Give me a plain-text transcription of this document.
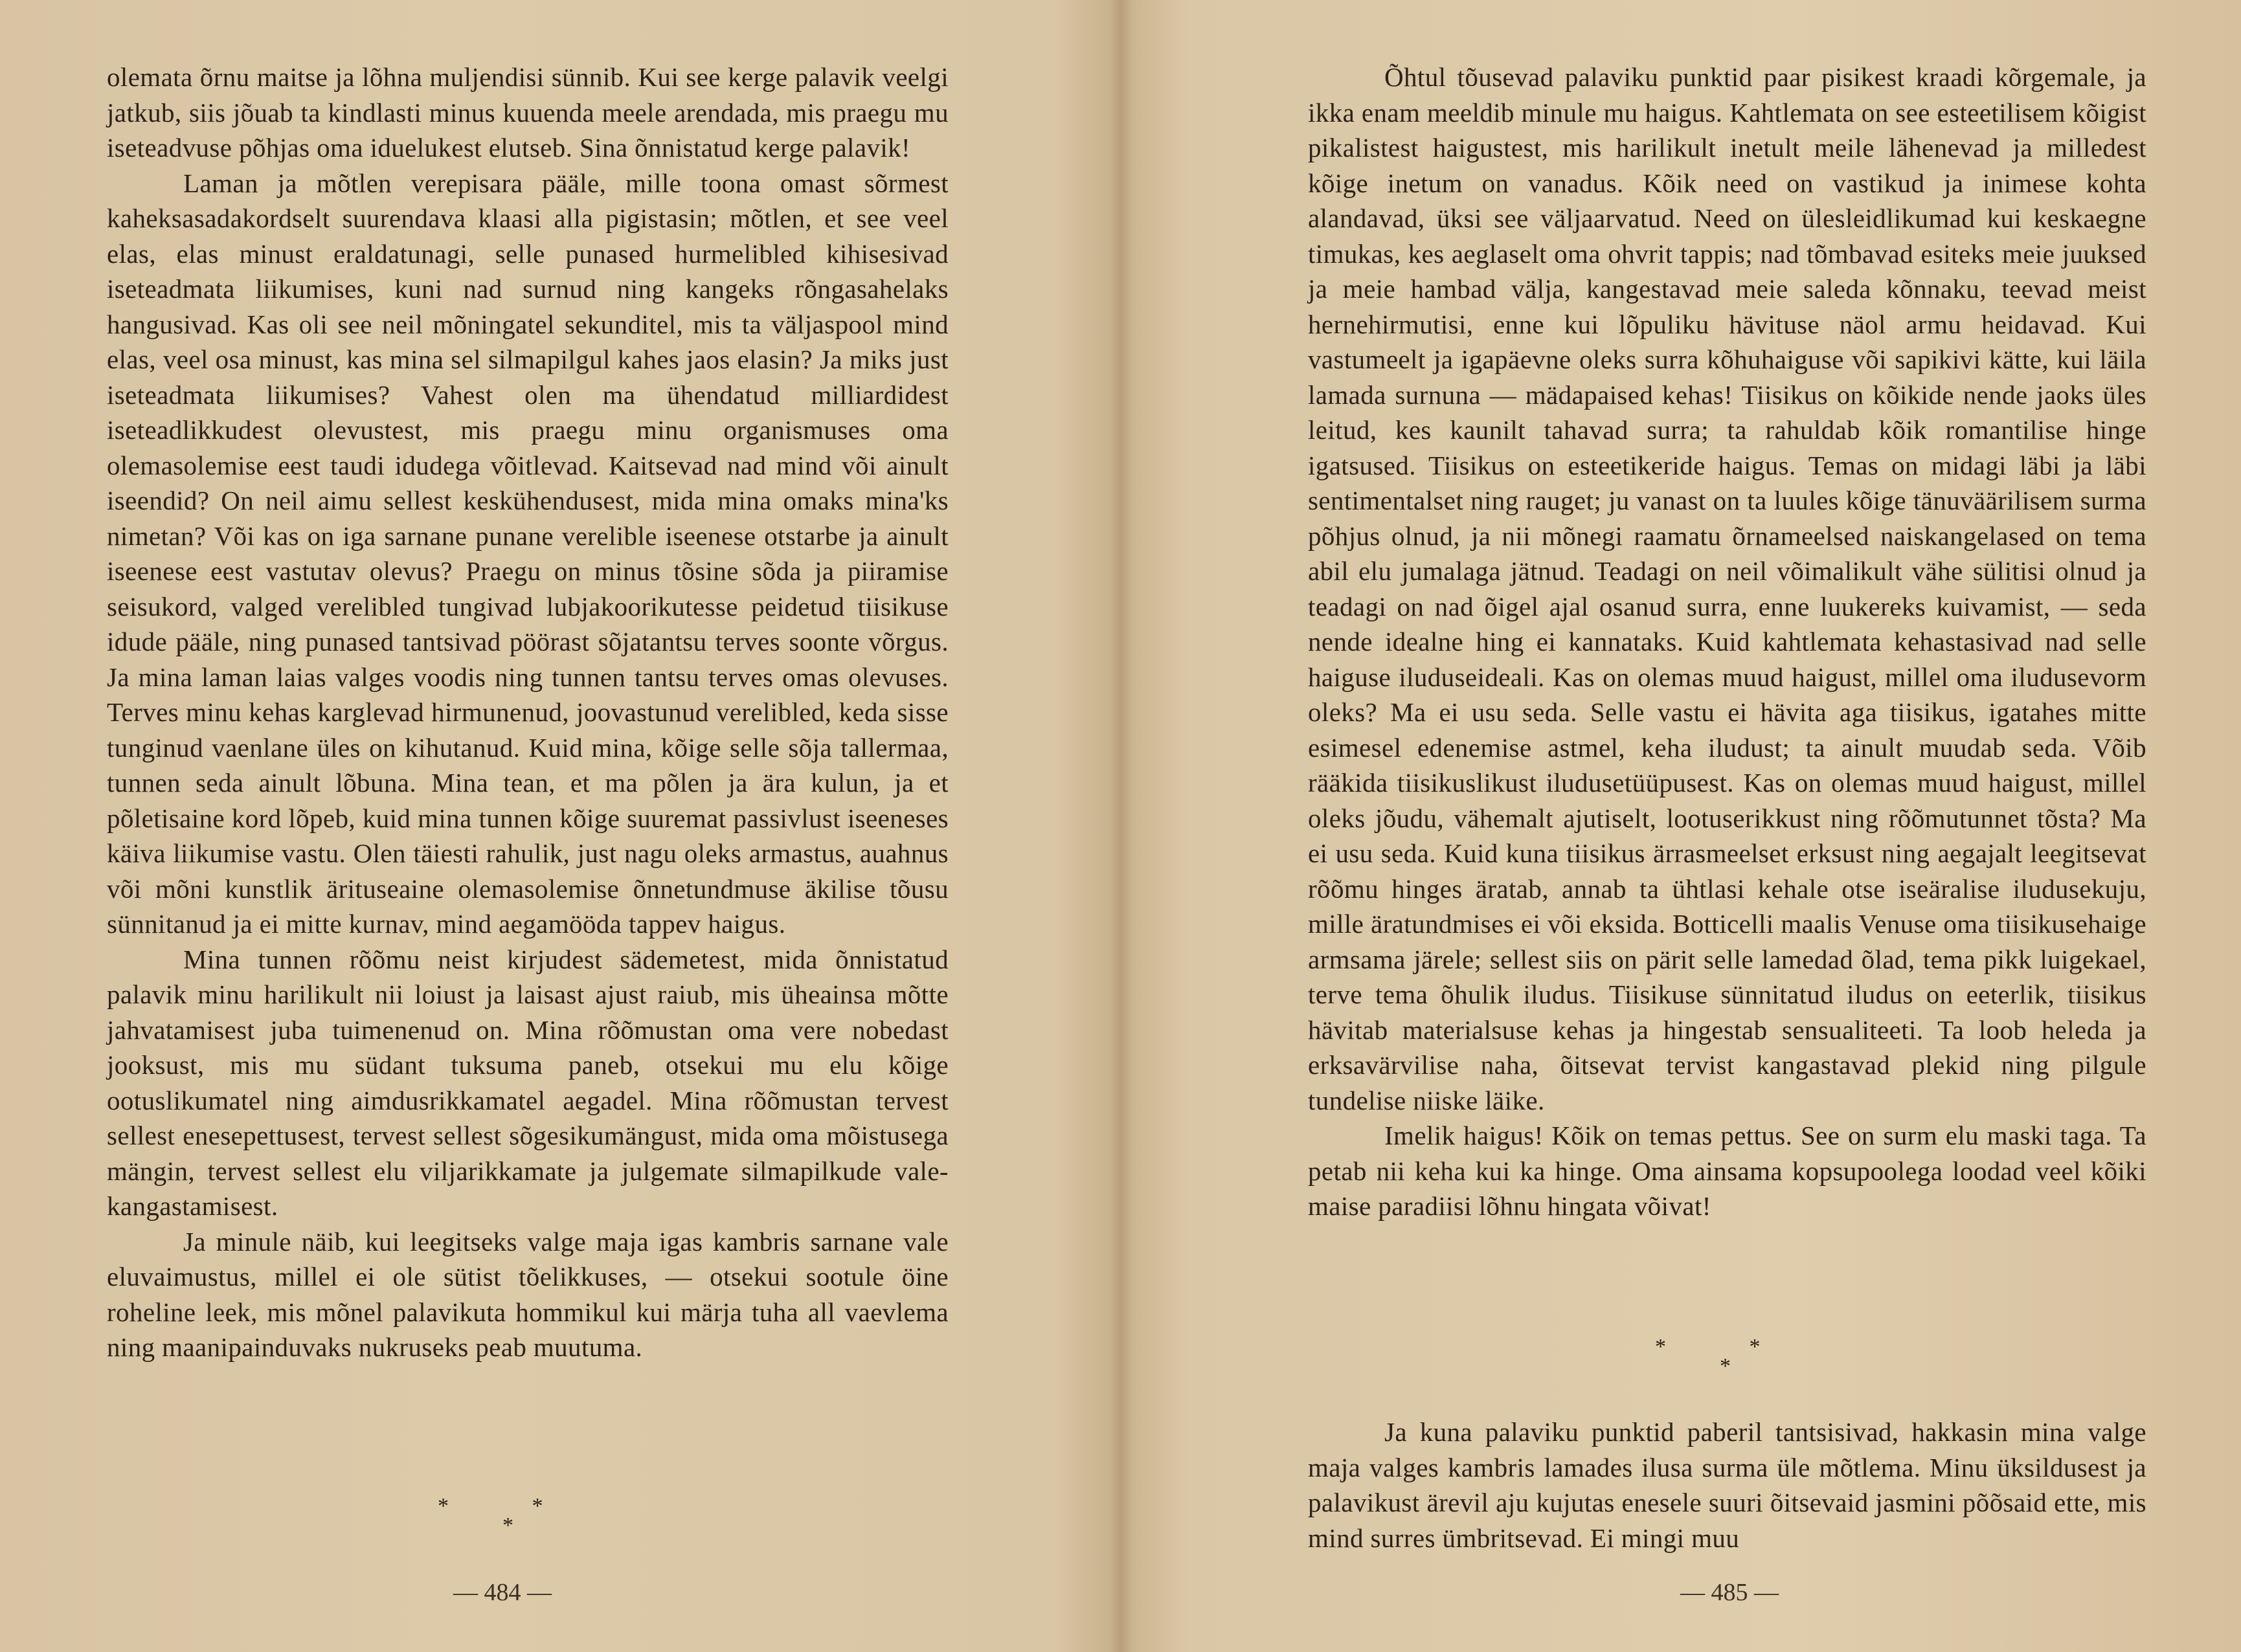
olemata õrnu maitse ja lõhna muljendisi sünnib. Kui see kerge palavik veelgi jatkub, siis jõuab ta kindlasti minus kuuenda meele arendada, mis praegu mu iseteadvuse põhjas oma iduelukest elutseb. Sina õnnistatud kerge palavik!

Laman ja mõtlen verepisara pääle, mille toona omast sõrmest kaheksasadakordselt suurendava klaasi alla pigistasin; mõtlen, et see veel elas, elas minust eraldatunagi, selle punased hurmelibled kihisesivad iseteadmata liikumises, kuni nad surnud ning kangeks rõngasahelaks hangusivad. Kas oli see neil mõningatel sekunditel, mis ta väljaspool mind elas, veel osa minust, kas mina sel silmapilgul kahes jaos elasin? Ja miks just iseteadmata liikumises? Vahest olen ma ühendatud milliardidest iseteadlikkudest olevustest, mis praegu minu organismuses oma olemasolemise eest taudi idudega võitlevad. Kaitsevad nad mind või ainult iseendid? On neil aimu sellest keskühendusest, mida mina omaks mina'ks nimetan? Või kas on iga sarnane punane verelible iseenese otstarbe ja ainult iseenese eest vastutav olevus? Praegu on minus tõsine sõda ja piiramise seisukord, valged verelibled tungivad lubjakoorikutesse peidetud tiisikuse idude pääle, ning punased tantsivad pöörast sõjatantsu terves soonte võrgus. Ja mina laman laias valges voodis ning tunnen tantsu terves omas olevuses. Terves minu kehas karglevad hirmunenud, joovastunud verelibled, keda sisse tunginud vaenlane üles on kihutanud. Kuid mina, kõige selle sõja tallermaa, tunnen seda ainult lõbuna. Mina tean, et ma põlen ja ära kulun, ja et põletisaine kord lõpeb, kuid mina tunnen kõige suuremat passivlust iseeneses käiva liikumise vastu. Olen täiesti rahulik, just nagu oleks armastus, auahnus või mõni kunstlik ärituseaine olemasolemise õnnetundmuse äkilise tõusu sünnitanud ja ei mitte kurnav, mind aegamööda tappev haigus.

Mina tunnen rõõmu neist kirjudest sädemetest, mida õnnistatud palavik minu harilikult nii loiust ja laisast ajust raiub, mis üheainsa mõtte jahvatamisest juba tuimenenud on. Mina rõõmustan oma vere nobedast jooksust, mis mu südant tuksuma paneb, otsekui mu elu kõige ootuslikumatel ning aimdusrikkamatel aegadel. Mina rõõmustan tervest sellest enesepettusest, tervest sellest sõgesikumängust, mida oma mõistusega mängin, tervest sellest elu viljarikkamate ja julgemate silmapilkude vale-kangastamisest.

Ja minule näib, kui leegitseks valge maja igas kambris sarnane vale eluvaimustus, millel ei ole sütist tõelikkuses, — otsekui sootule öine roheline leek, mis mõnel palavikuta hommikul kui märja tuha all vaevlema ning maanipainduvaks nukruseks peab muutuma.

* *
*
— 484 —

Õhtul tõusevad palaviku punktid paar pisikest kraadi kõrgemale, ja ikka enam meeldib minule mu haigus. Kahtlemata on see esteetilisem kõigist pikalistest haigustest, mis harilikult inetult meile lähenevad ja milledest kõige inetum on vanadus. Kõik need on vastikud ja inimese kohta alandavad, üksi see väljaarvatud. Need on ülesleidlikumad kui keskaegne timukas, kes aeglaselt oma ohvrit tappis; nad tõmbavad esiteks meie juuksed ja meie hambad välja, kangestavad meie saleda kõnnaku, teevad meist hernehirmutisi, enne kui lõpuliku hävituse näol armu heidavad. Kui vastumeelt ja igapäevne oleks surra kõhuhaiguse või sapikivi kätte, kui läila lamada surnuna — mädapaised kehas! Tiisikus on kõikide nende jaoks üles leitud, kes kaunilt tahavad surra; ta rahuldab kõik romantilise hinge igatsused. Tiisikus on esteetikeride haigus. Temas on midagi läbi ja läbi sentimentalset ning rauget; ju vanast on ta luules kõige tänuväärilisem surma põhjus olnud, ja nii mõnegi raamatu õrnameelsed naiskangelased on tema abil elu jumalaga jätnud. Teadagi on neil võimalikult vähe sülitisi olnud ja teadagi on nad õigel ajal osanud surra, enne luukereks kuivamist, — seda nende idealne hing ei kannataks. Kuid kahtlemata kehastasivad nad selle haiguse iluduseideali. Kas on olemas muud haigust, millel oma iludusevorm oleks? Ma ei usu seda. Selle vastu ei hävita aga tiisikus, igatahes mitte esimesel edenemise astmel, keha iludust; ta ainult muudab seda. Võib rääkida tiisikuslikust iludusetüüpusest. Kas on olemas muud haigust, millel oleks jõudu, vähemalt ajutiselt, lootuserikkust ning rõõmutunnet tõsta? Ma ei usu seda. Kuid kuna tiisikus ärrasmeelset erksust ning aegajalt leegitsevat rõõmu hinges äratab, annab ta ühtlasi kehale otse iseäralise iludusekuju, mille äratundmises ei või eksida. Botticelli maalis Venuse oma tiisikusehaige armsama järele; sellest siis on pärit selle lamedad õlad, tema pikk luigekael, terve tema õhulik iludus. Tiisikuse sünnitatud iludus on eeterlik, tiisikus hävitab materialsuse kehas ja hingestab sensualiteeti. Ta loob heleda ja erksavärvilise naha, õitsevat tervist kangastavad plekid ning pilgule tundelise niiske läike.

Imelik haigus! Kõik on temas pettus. See on surm elu maski taga. Ta petab nii keha kui ka hinge. Oma ainsama kopsupoolega loodad veel kõiki maise paradiisi lõhnu hingata võivat!

* *
*

Ja kuna palaviku punktid paberil tantsisivad, hakkasin mina valge maja valges kambris lamades ilusa surma üle mõtlema. Minu üksildusest ja palavikust ärevil aju kujutas enesele suuri õitsevaid jasmini põõsaid ette, mis mind surres ümbritsevad. Ei mingi muu

— 485 —
